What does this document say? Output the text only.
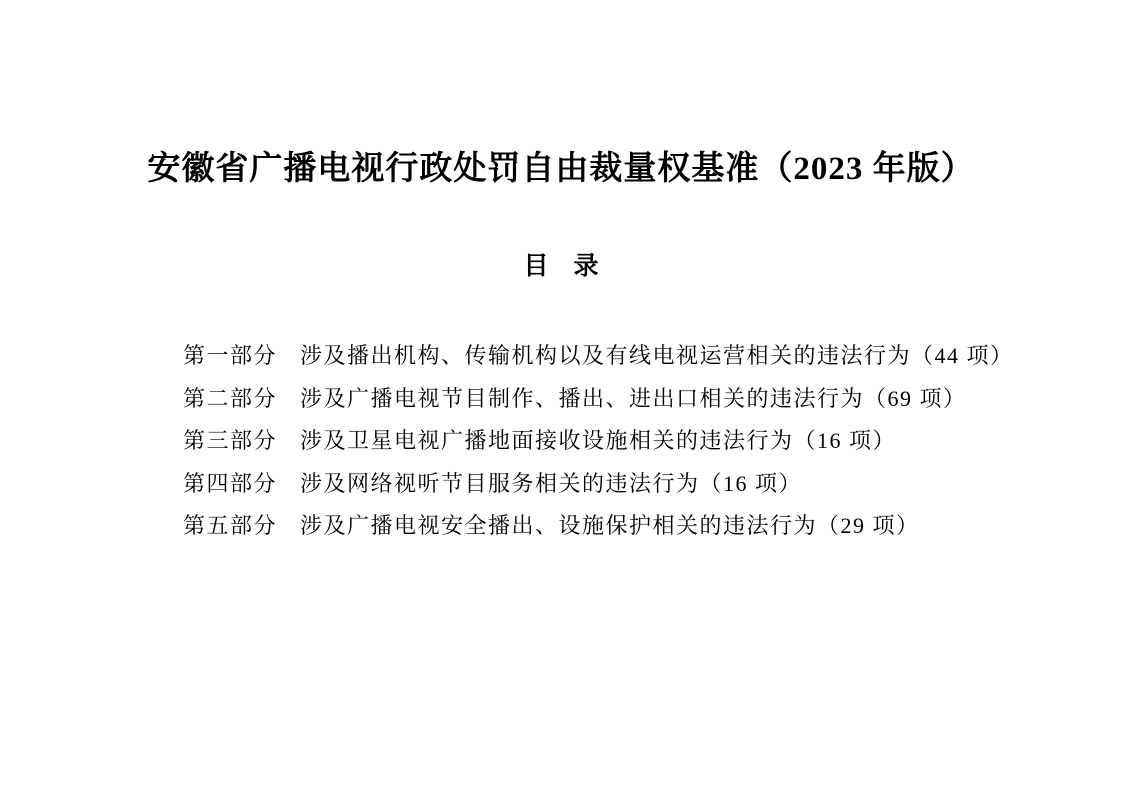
安徽省广播电视行政处罚自由裁量权基准（2023 年版）
目　录
第一部分 涉及播出机构、传输机构以及有线电视运营相关的违法行为（44 项）
第二部分 涉及广播电视节目制作、播出、进出口相关的违法行为（69 项）
第三部分 涉及卫星电视广播地面接收设施相关的违法行为（16 项）
第四部分 涉及网络视听节目服务相关的违法行为（16 项）
第五部分 涉及广播电视安全播出、设施保护相关的违法行为（29 项）
